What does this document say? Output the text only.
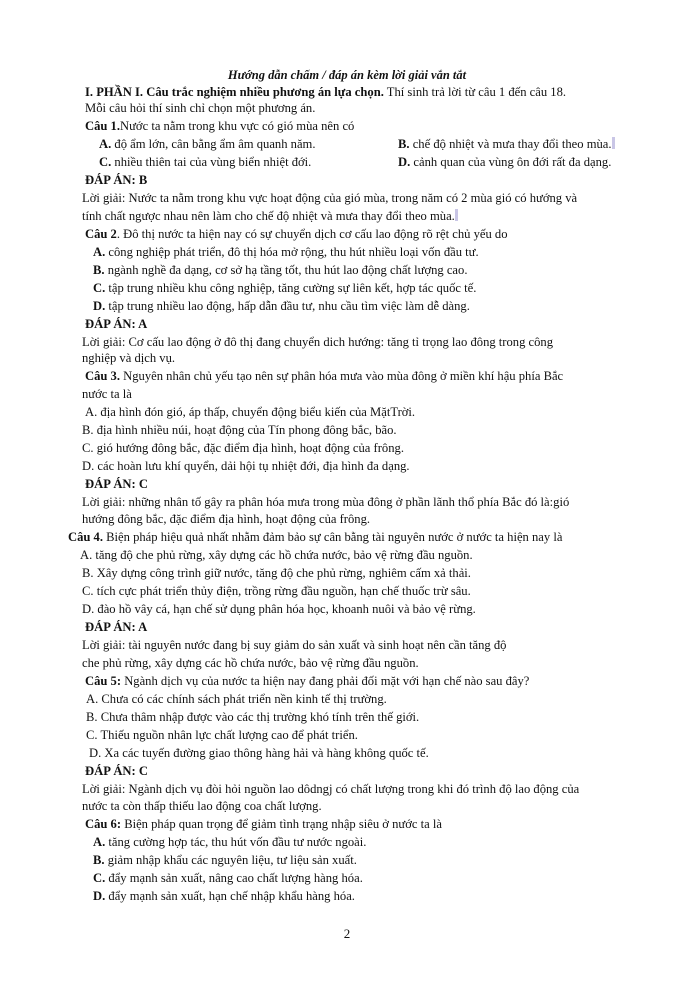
Hướng dẫn chấm / đáp án kèm lời giải vắn tắt
I. PHẦN I. Câu trắc nghiệm nhiều phương án lựa chọn. Thí sinh trả lời từ câu 1 đến câu 18.
Mỗi câu hỏi thí sinh chỉ chọn một phương án.
Câu 1.Nước ta nằm trong khu vực có gió mùa nên có
A. độ ẩm lớn, cân bằng ẩm âm quanh năm.	B. chế độ nhiệt và mưa thay đổi theo mùa.
C. nhiều thiên tai của vùng biển nhiệt đới.	D. cảnh quan của vùng ôn đới rất đa dạng.
ĐÁP ÁN: B
Lời giải: Nước ta nằm trong khu vực hoạt động của gió mùa, trong năm có 2 mùa gió có hướng và
tính chất ngược nhau nên làm cho chế độ nhiệt và mưa thay đổi theo mùa.
Câu 2. Đô thị nước ta hiện nay có sự chuyển dịch cơ cấu lao động rõ rệt chủ yếu do
A. công nghiệp phát triển, đô thị hóa mở rộng, thu hút nhiều loại vốn đầu tư.
B. ngành nghề đa dạng, cơ sở hạ tầng tốt, thu hút lao động chất lượng cao.
C. tập trung nhiều khu công nghiệp, tăng cường sự liên kết, hợp tác quốc tế.
D. tập trung nhiều lao động, hấp dẫn đầu tư, nhu cầu tìm việc làm dễ dàng.
ĐÁP ÁN: A
Lời giải: Cơ cấu lao động ở đô thị đang chuyển dich hướng: tăng tỉ trọng lao đông trong công
nghiệp và dịch vụ.
Câu 3. Nguyên nhân chủ yếu tạo nên sự phân hóa mưa vào mùa đông ở miền khí hậu phía Bắc
nước ta là
A. địa hình đón gió, áp thấp, chuyển động biểu kiến của MặtTrời.
B. địa hình nhiều núi, hoạt động của Tín phong đông bắc, bão.
C. gió hướng đông bắc, đặc điểm địa hình, hoạt động của frông.
D. các hoàn lưu khí quyển, dải hội tụ nhiệt đới, địa hình đa dạng.
ĐÁP ÁN: C
Lời giải: những nhân tố gây ra phân hóa mưa trong mùa đông ở phần lãnh thổ phía Bắc đó là:gió
hướng đông bắc, đặc điểm địa hình, hoạt động của frông.
Câu 4. Biện pháp hiệu quả nhất nhằm đảm bảo sự cân bằng tài nguyên nước ở nước ta hiện nay là
A. tăng độ che phủ rừng, xây dựng các hồ chứa nước, bảo vệ rừng đầu nguồn.
B. Xây dựng công trình giữ nước, tăng độ che phủ rừng, nghiêm cấm xả thải.
C. tích cực phát triển thủy điện, trồng rừng đầu nguồn, hạn chế thuốc trừ sâu.
D. đào hồ vây cá, hạn chế sử dụng phân hóa học, khoanh nuôi và bảo vệ rừng.
ĐÁP ÁN: A
Lời giải: tài nguyên nước đang bị suy giảm do sản xuất và sinh hoạt nên cần tăng độ
che phủ rừng, xây dựng các hồ chứa nước, bảo vệ rừng đầu nguồn.
Câu 5: Ngành dịch vụ của nước ta hiện nay đang phải đối mặt với hạn chế nào sau đây?
A. Chưa có các chính sách phát triển nền kinh tế thị trường.
B. Chưa thâm nhập được vào các thị trường khó tính trên thế giới.
C. Thiếu nguồn nhân lực chất lượng cao để phát triển.
D. Xa các tuyến đường giao thông hàng hải và hàng không quốc tế.
ĐÁP ÁN: C
Lời giải: Ngành dịch vụ đòi hỏi nguồn lao dôdngj có chất lượng trong khi đó trình độ lao động của
nước ta còn thấp thiếu lao động coa chất lượng.
Câu 6: Biện pháp quan trọng để giảm tình trạng nhập siêu ở nước ta là
A. tăng cường hợp tác, thu hút vốn đầu tư nước ngoài.
B. giảm nhập khẩu các nguyên liệu, tư liệu sản xuất.
C. đẩy mạnh sản xuất, nâng cao chất lượng hàng hóa.
D. đẩy mạnh sản xuất, hạn chế nhập khẩu hàng hóa.
2
